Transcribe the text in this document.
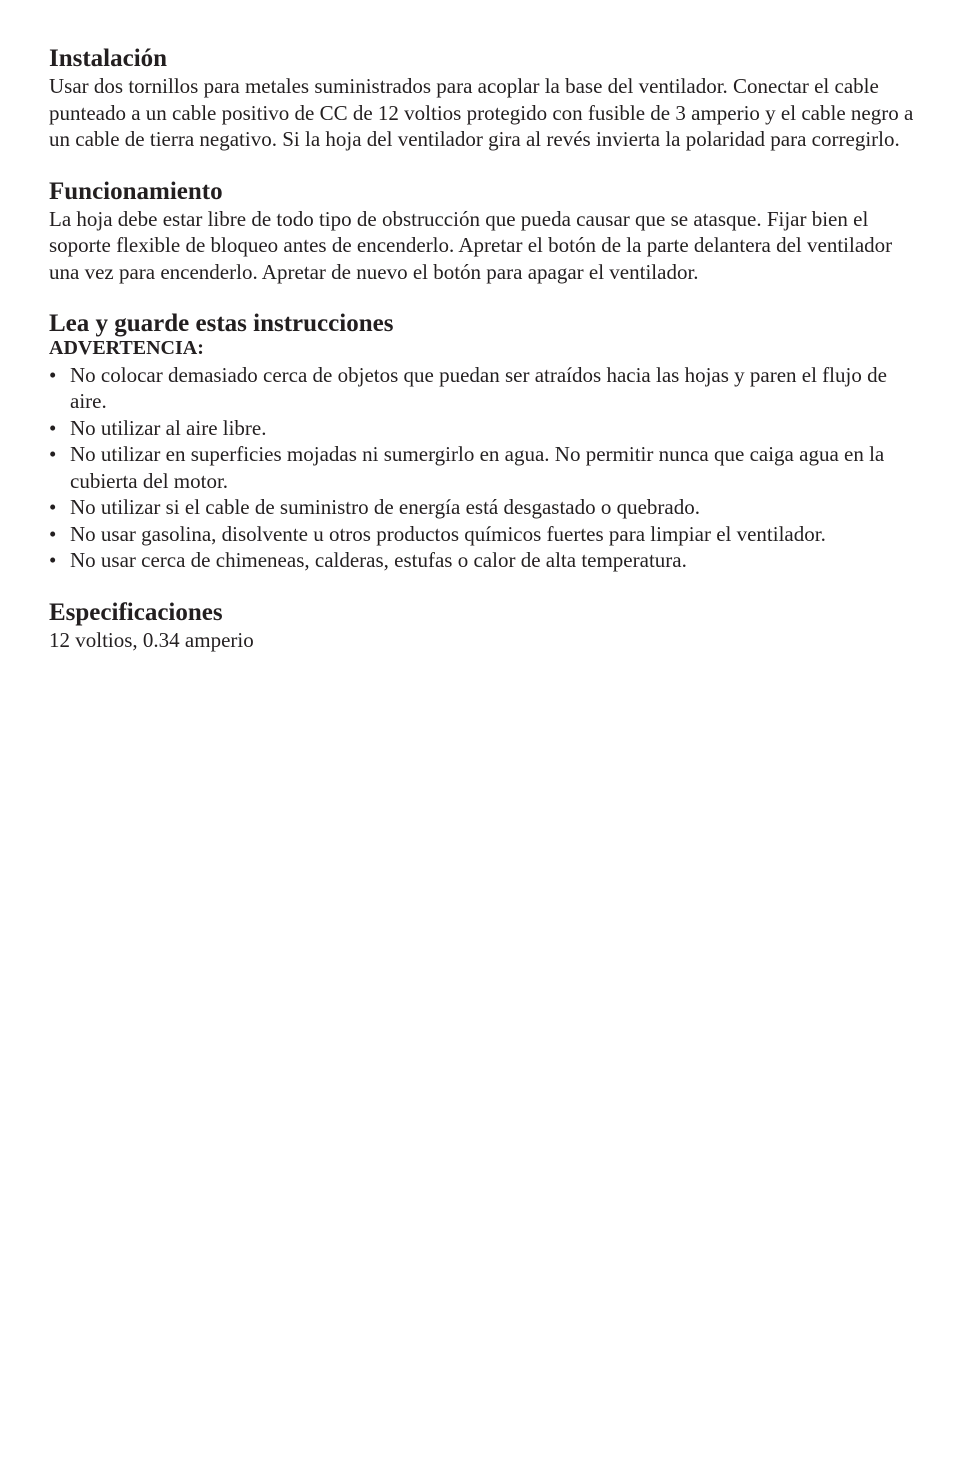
Instalación

Usar dos tornillos para metales suministrados para acoplar la base del ventilador. Conectar el cable punteado a un cable positivo de CC de 12 voltios protegido con fusible de 3 amperio y el cable negro a un cable de tierra negativo. Si la hoja del ventilador gira al revés invierta la polaridad para corregirlo.

Funcionamiento

La hoja debe estar libre de todo tipo de obstrucción que pueda causar que se atasque. Fijar bien el soporte flexible de bloqueo antes de encenderlo. Apretar el botón de la parte delantera del ventilador una vez para encenderlo. Apretar de nuevo el botón para apagar el ventilador.

Lea y guarde estas instrucciones
ADVERTENCIA:
• No colocar demasiado cerca de objetos que puedan ser atraídos hacia las hojas y paren el flujo de aire.
• No utilizar al aire libre.
• No utilizar en superficies mojadas ni sumergirlo en agua. No permitir nunca que caiga agua en la cubierta del motor.
• No utilizar si el cable de suministro de energía está desgastado o quebrado.
• No usar gasolina, disolvente u otros productos químicos fuertes para limpiar el ventilador.
• No usar cerca de chimeneas, calderas, estufas o calor de alta temperatura.
Especificaciones

12 voltios, 0.34 amperio
